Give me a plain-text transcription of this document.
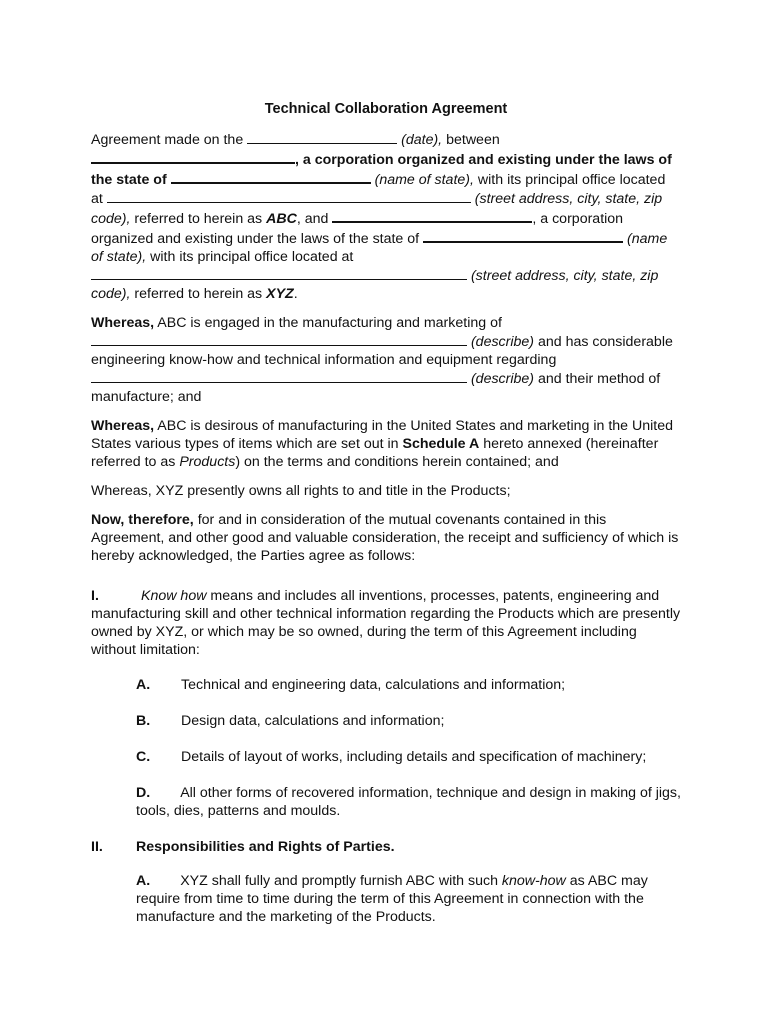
Technical Collaboration Agreement

Agreement made on the	(date), between , a corporation organized and existing under the laws of the state of	(name of state), with its principal office located at	(street address, city, state, zip code), referred to herein as ABC, and	, a corporation organized and existing under the laws of the state of	(name of state), with its principal office located at  (street address, city, state, zip code), referred to herein as XYZ.

Whereas, ABC is engaged in the manufacturing and marketing of  (describe) and has considerable engineering know-how and technical information and equipment regarding  (describe) and their method of manufacture; and

Whereas, ABC is desirous of manufacturing in the United States and marketing in the United States various types of items which are set out in Schedule A hereto annexed (hereinafter referred to as Products) on the terms and conditions herein contained; and

Whereas, XYZ presently owns all rights to and title in the Products;

Now, therefore, for and in consideration of the mutual covenants contained in this Agreement, and other good and valuable consideration, the receipt and sufficiency of which is hereby acknowledged, the Parties agree as follows:

I.	Know how means and includes all inventions, processes, patents, engineering and manufacturing skill and other technical information regarding the Products which are presently owned by XYZ, or which may be so owned, during the term of this Agreement including without limitation:

A. Technical and engineering data, calculations and information;
B. Design data, calculations and information;
C. Details of layout of works, including details and specification of machinery;
D. All other forms of recovered information, technique and design in making of jigs, tools, dies, patterns and moulds.
II. Responsibilities and Rights of Parties.
A. XYZ shall fully and promptly furnish ABC with such know-how as ABC may require from time to time during the term of this Agreement in connection with the manufacture and the marketing of the Products.
